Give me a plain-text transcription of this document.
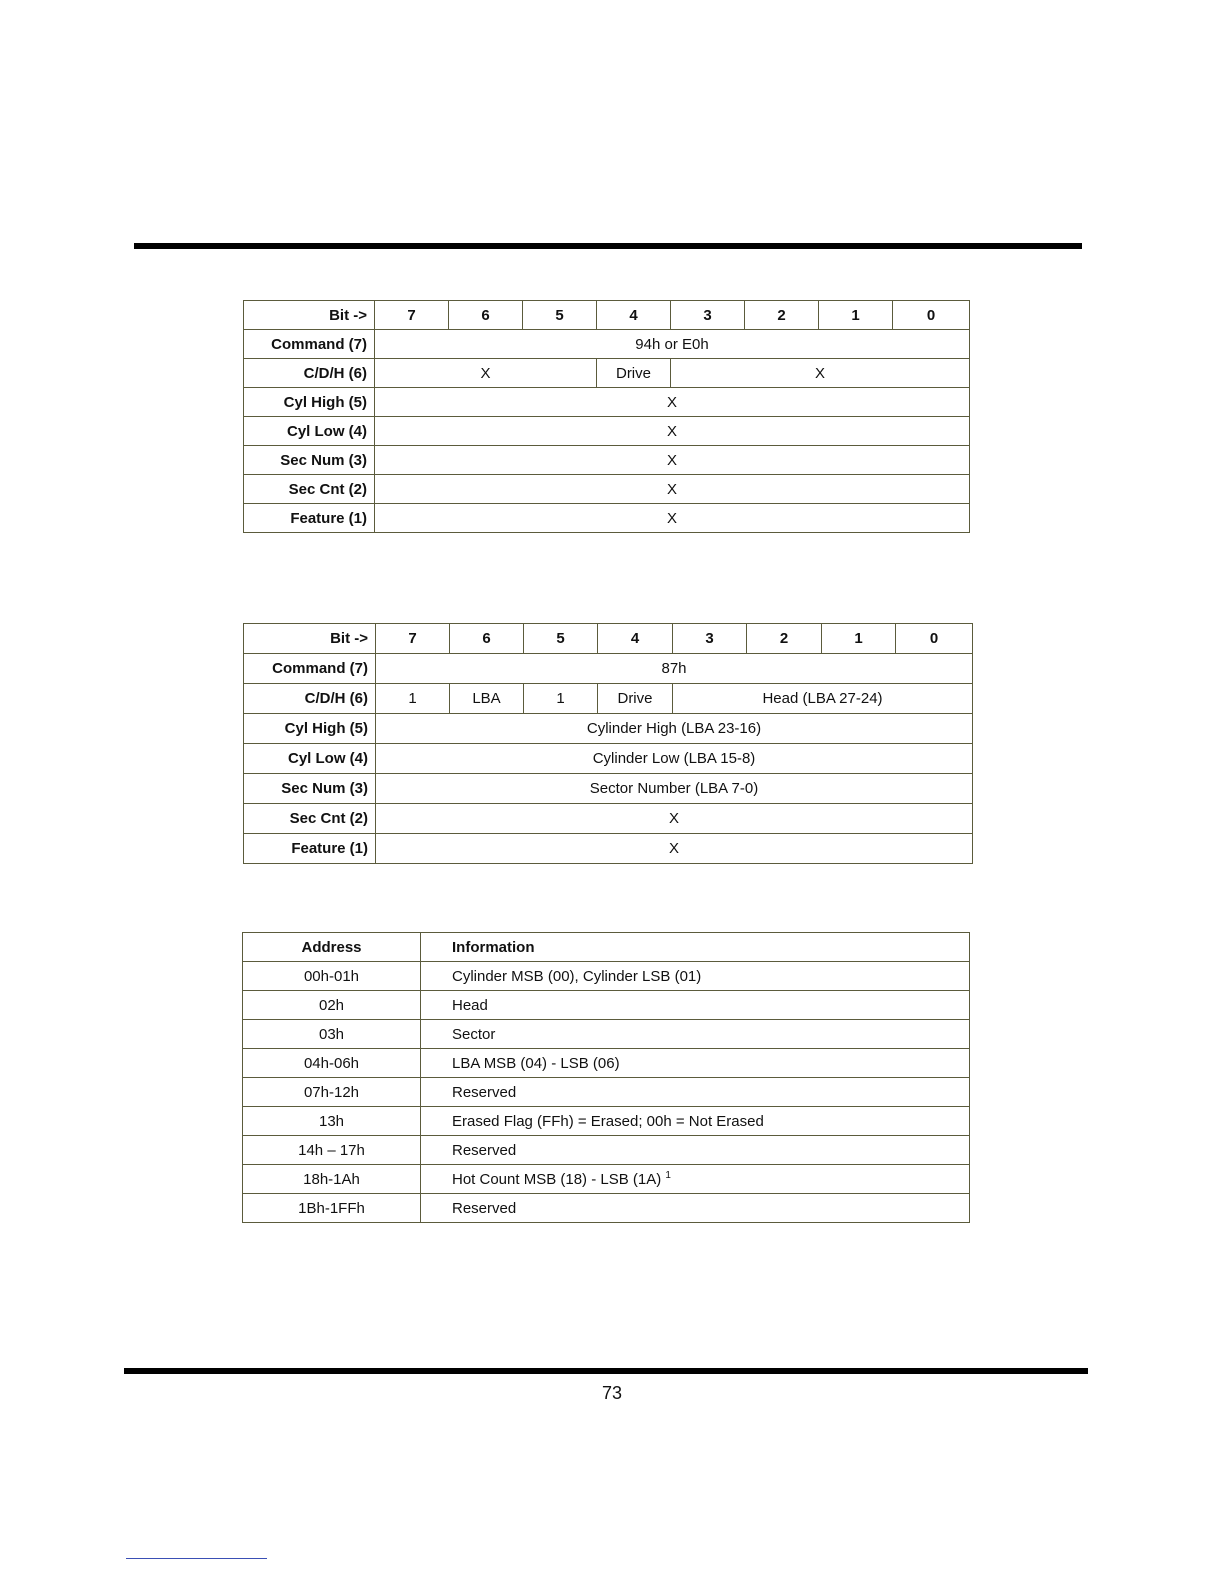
Bit ->	7	6	5	4	3	2	1	0
Command (7)	94h or E0h							
C/D/H (6)	X			Drive	X			
Cyl High (5)	X							
Cyl Low (4)	X							
Sec Num (3)	X							
Sec Cnt (2)	X							
Feature (1)	X							
Bit ->	7	6	5	4	3	2	1	0
Command (7)	87h							
C/D/H (6)	1	LBA	1	Drive	Head (LBA 27-24)			
Cyl High (5)	Cylinder High (LBA 23-16)							
Cyl Low (4)	Cylinder Low (LBA 15-8)							
Sec Num (3)	Sector Number (LBA 7-0)							
Sec Cnt (2)	X							
Feature (1)	X							
Address	Information
00h-01h	Cylinder MSB (00), Cylinder LSB (01)
02h	Head
03h	Sector
04h-06h	LBA MSB (04) - LSB (06)
07h-12h	Reserved
13h	Erased Flag (FFh) = Erased; 00h = Not Erased
14h – 17h	Reserved
18h-1Ah	Hot Count MSB (18) - LSB (1A) $^1$
1Bh-1FFh	Reserved
73
